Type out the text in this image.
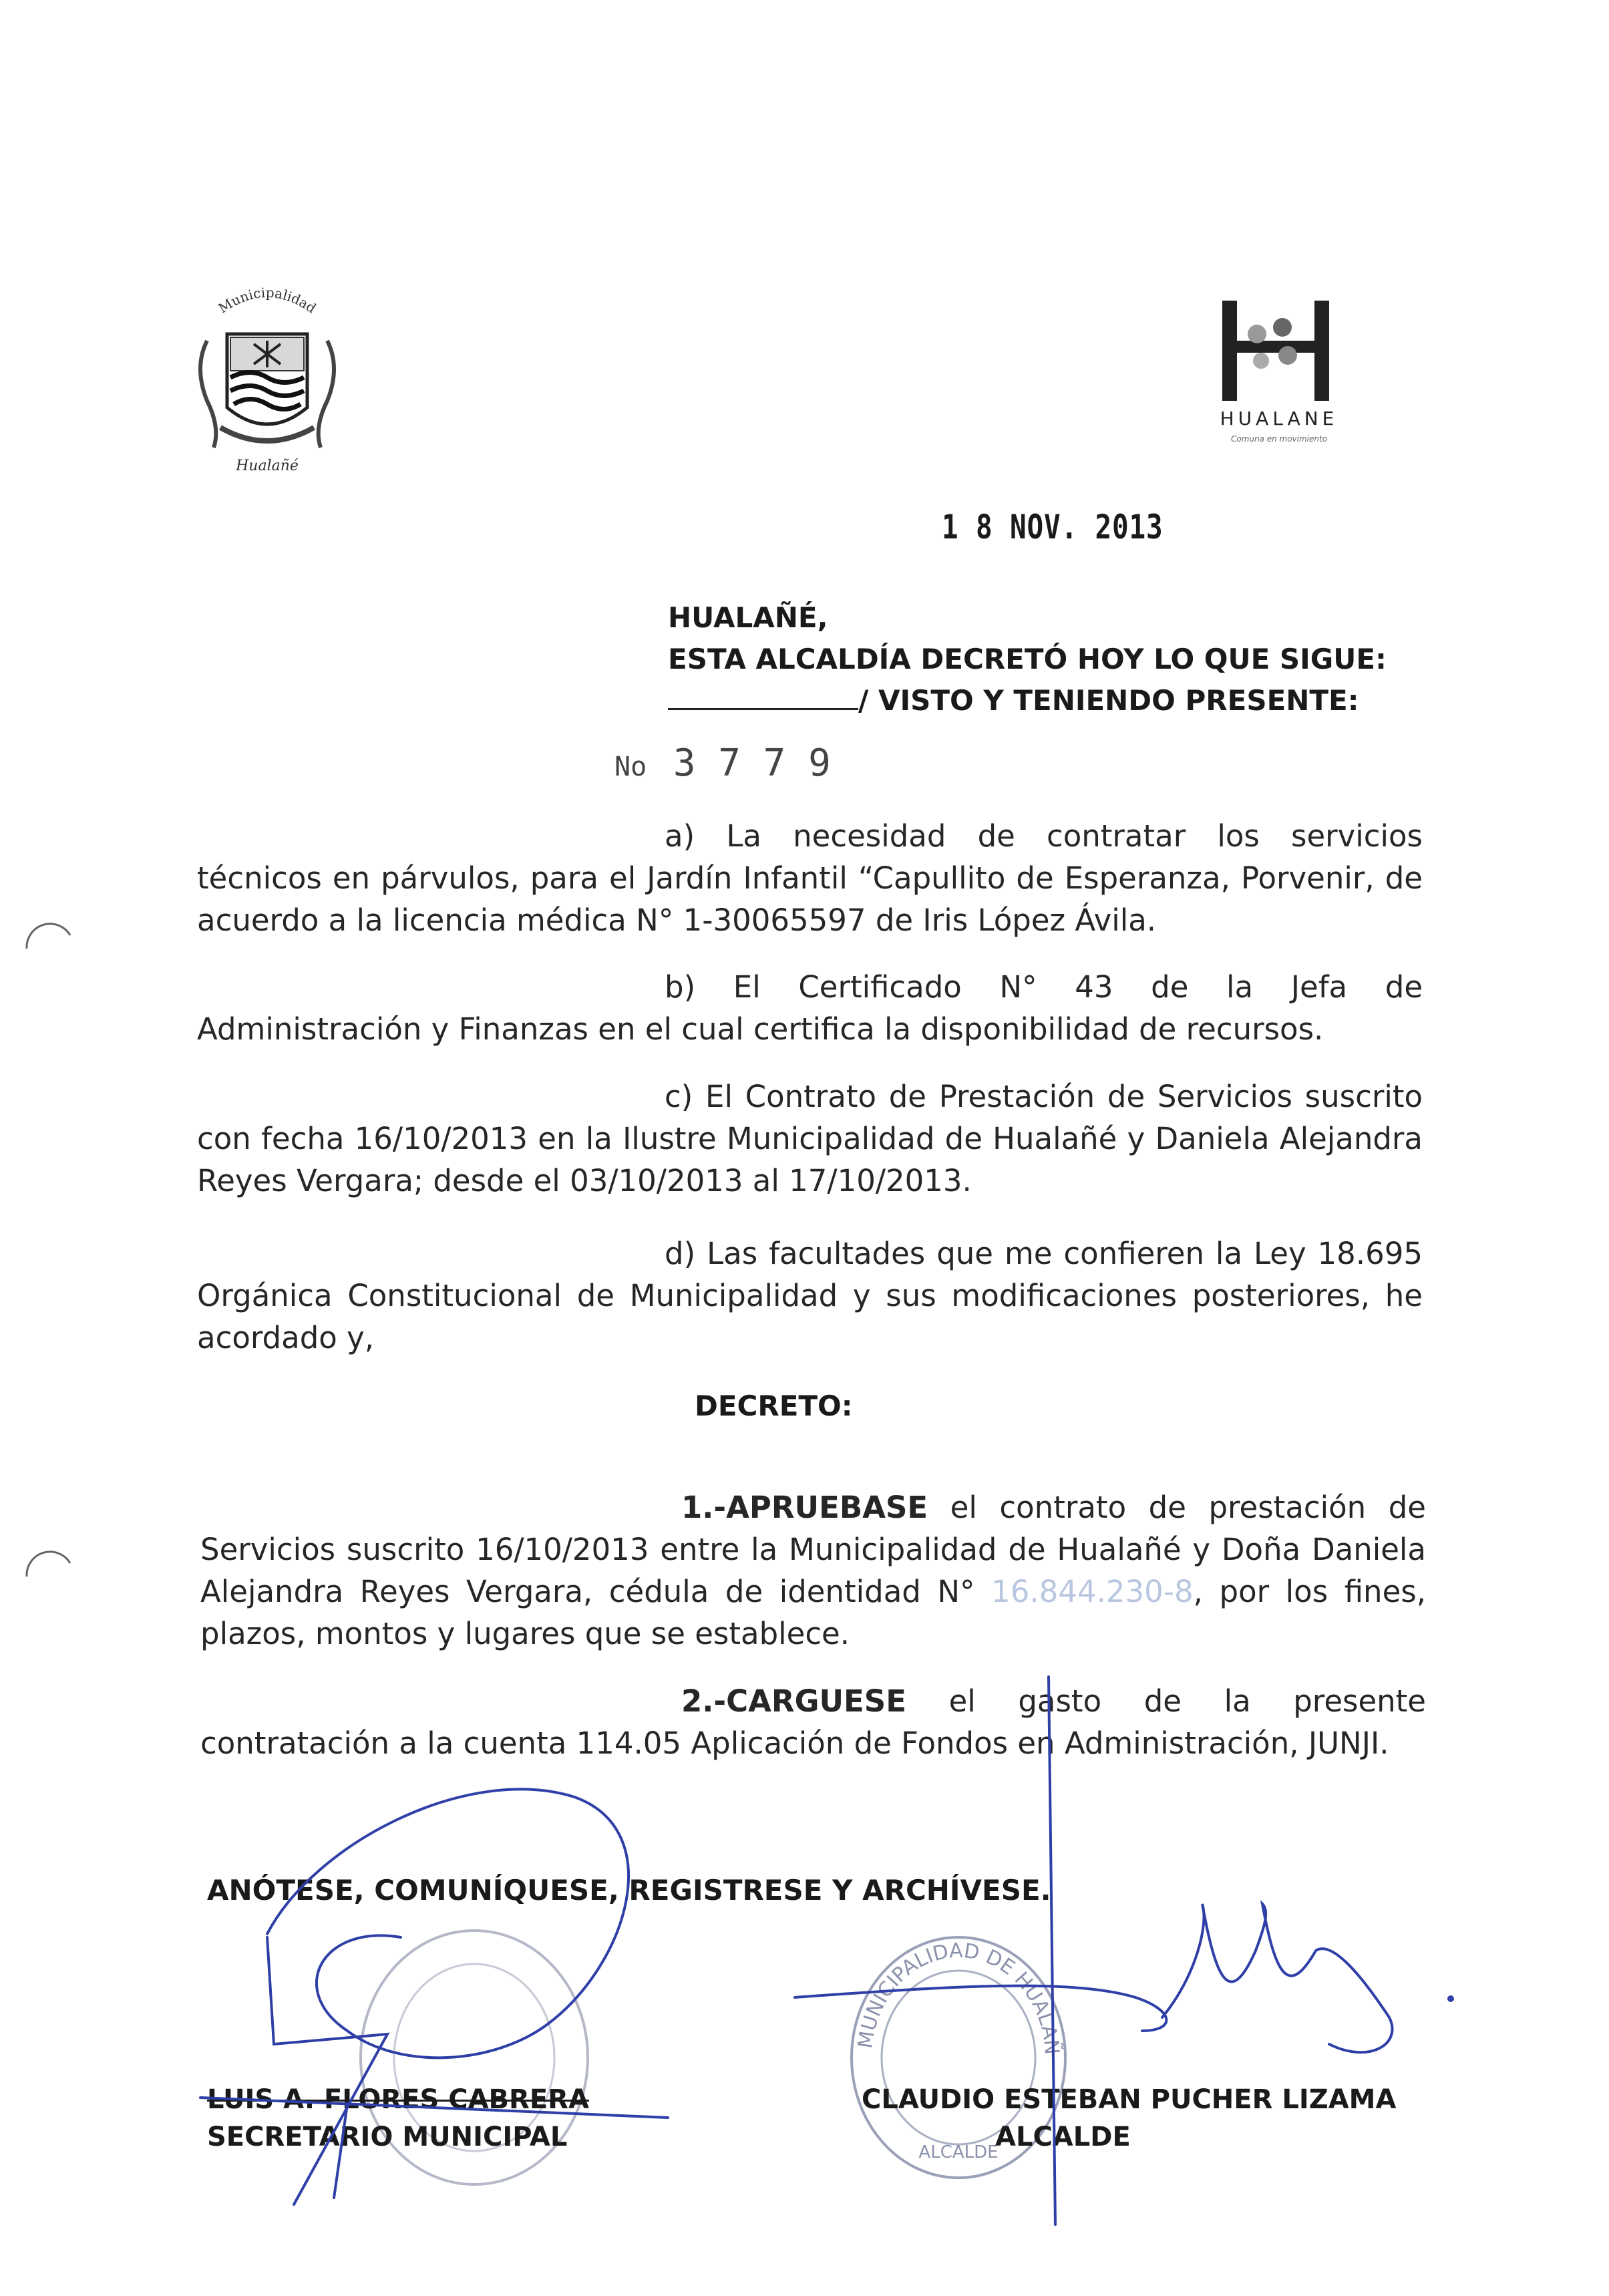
Municipalidad
Hualañé
HUALANE
Comuna en movimiento
1 8 NOV. 2013
HUALAÑÉ,
ESTA ALCALDÍA DECRETÓ HOY LO QUE SIGUE:
/ VISTO Y TENIENDO PRESENTE:
No 3 7 7 9
a) La necesidad de contratar los servicios técnicos en párvulos, para el Jardín Infantil “Capullito de Esperanza, Porvenir, de acuerdo a la licencia médica N° 1-30065597 de Iris López Ávila.
b) El Certificado N° 43 de la Jefa de Administración y Finanzas en el cual certifica la disponibilidad de recursos.
c) El Contrato de Prestación de Servicios suscrito con fecha 16/10/2013 en la Ilustre Municipalidad de Hualañé y Daniela Alejandra Reyes Vergara; desde el 03/10/2013 al 17/10/2013.
d) Las facultades que me confieren la Ley 18.695 Orgánica Constitucional de Municipalidad y sus modificaciones posteriores, he acordado y,
DECRETO:
1.-APRUEBASE el contrato de prestación de Servicios suscrito 16/10/2013 entre la Municipalidad de Hualañé y Doña Daniela Alejandra Reyes Vergara, cédula de identidad N° 16.844.230-8, por los fines, plazos, montos y lugares que se establece.
2.-CARGUESE el gasto de la presente contratación a la cuenta 114.05 Aplicación de Fondos en Administración, JUNJI.
ANÓTESE, COMUNÍQUESE, REGISTRESE Y ARCHÍVESE.
I. MUNICIPALIDAD DE HUALAÑÉ
ALCALDE
LUIS A. FLORES CABRERA
SECRETARIO MUNICIPAL
CLAUDIO ESTEBAN PUCHER LIZAMA
ALCALDE
